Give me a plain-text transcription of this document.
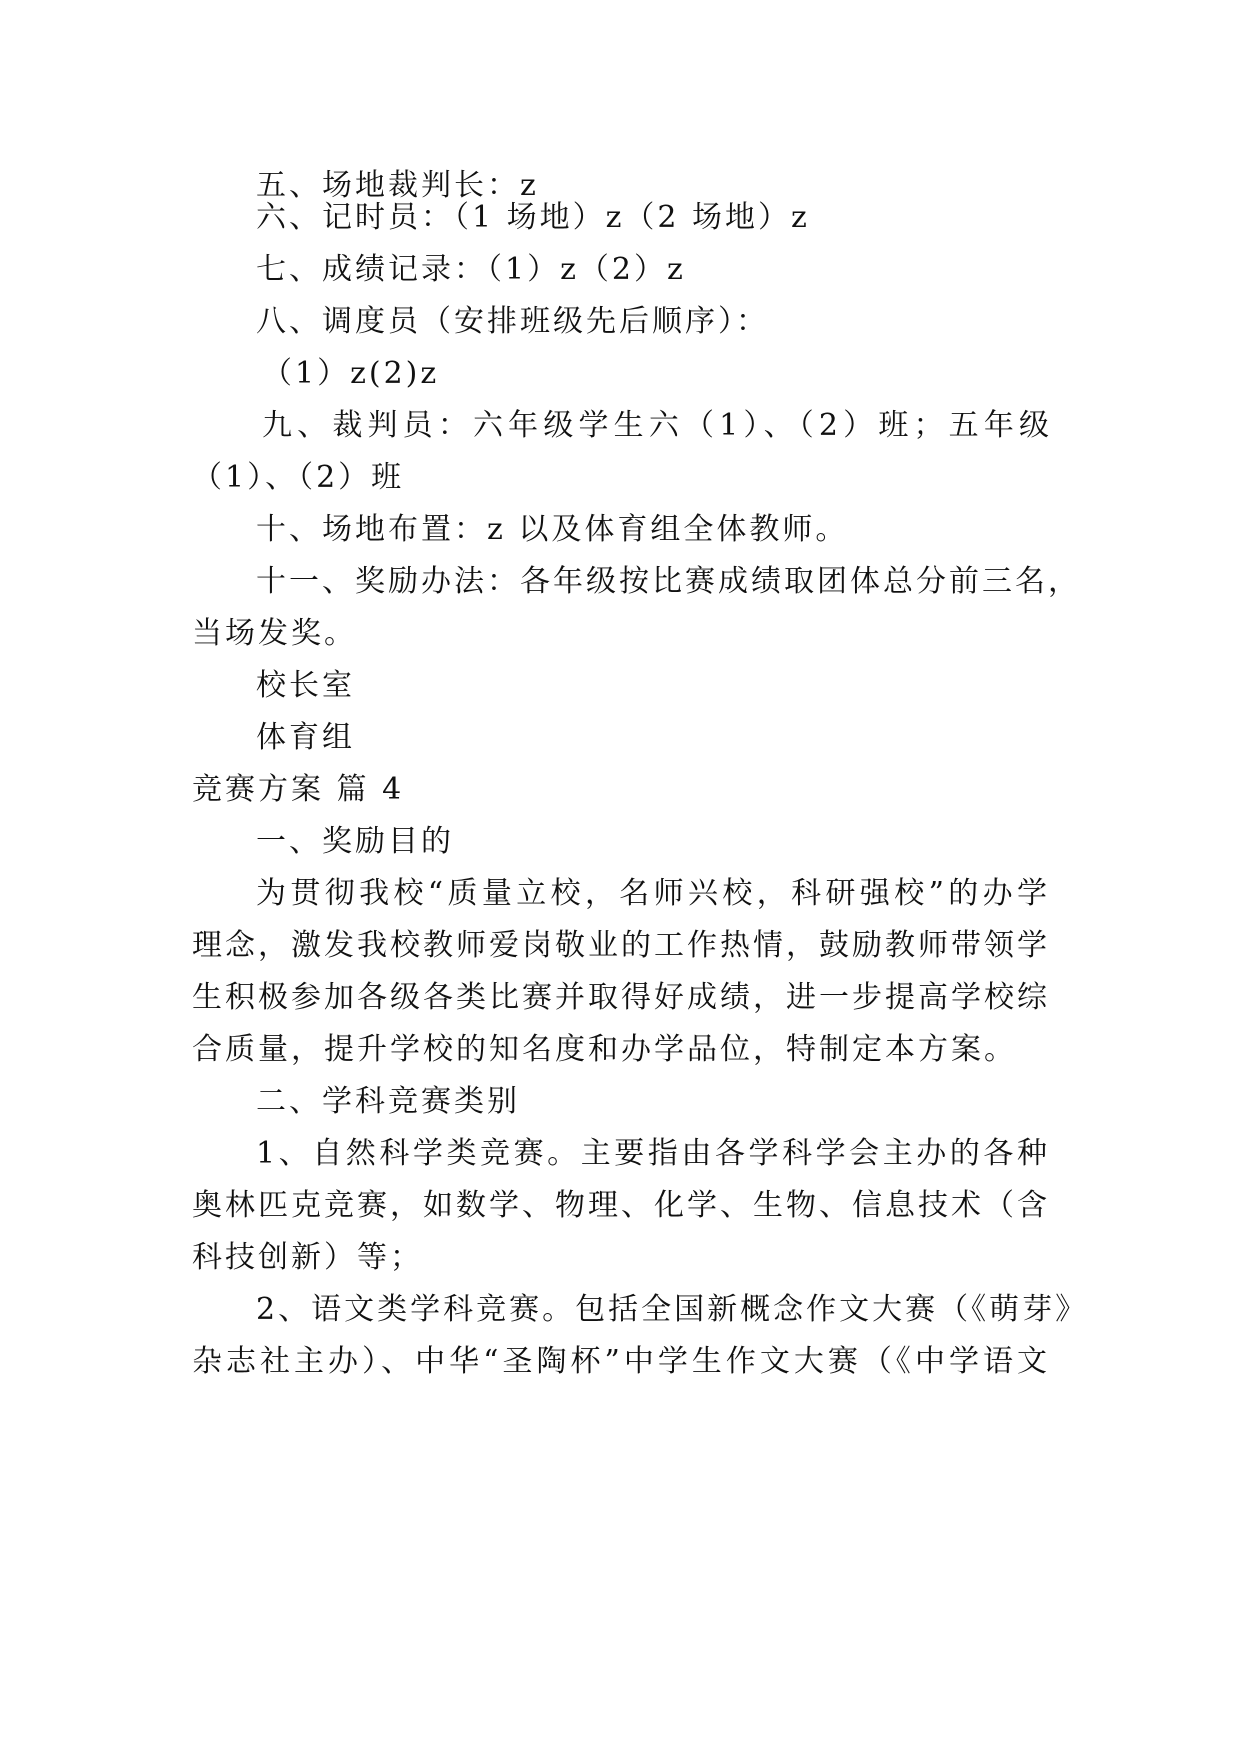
五、场地裁判长：z
六、记时员：（1 场地）z（2 场地）z
七、成绩记录：（1）z（2）z
八、调度员（安排班级先后顺序）：
（1）z(2)z
九、裁判员：六年级学生六（1）、（2）班；五年级
（1）、（2）班
十、场地布置：z 以及体育组全体教师。
十一、奖励办法：各年级按比赛成绩取团体总分前三名，
当场发奖。
校长室
体育组
竞赛方案 篇 4
一、奖励目的
为贯彻我校“质量立校，名师兴校，科研强校”的办学
理念，激发我校教师爱岗敬业的工作热情，鼓励教师带领学
生积极参加各级各类比赛并取得好成绩，进一步提高学校综
合质量，提升学校的知名度和办学品位，特制定本方案。
二、学科竞赛类别
1、自然科学类竞赛。主要指由各学科学会主办的各种
奥林匹克竞赛，如数学、物理、化学、生物、信息技术（含
科技创新）等；
2、语文类学科竞赛。包括全国新概念作文大赛（《萌芽》
杂志社主办）、中华“圣陶杯”中学生作文大赛（《中学语文
